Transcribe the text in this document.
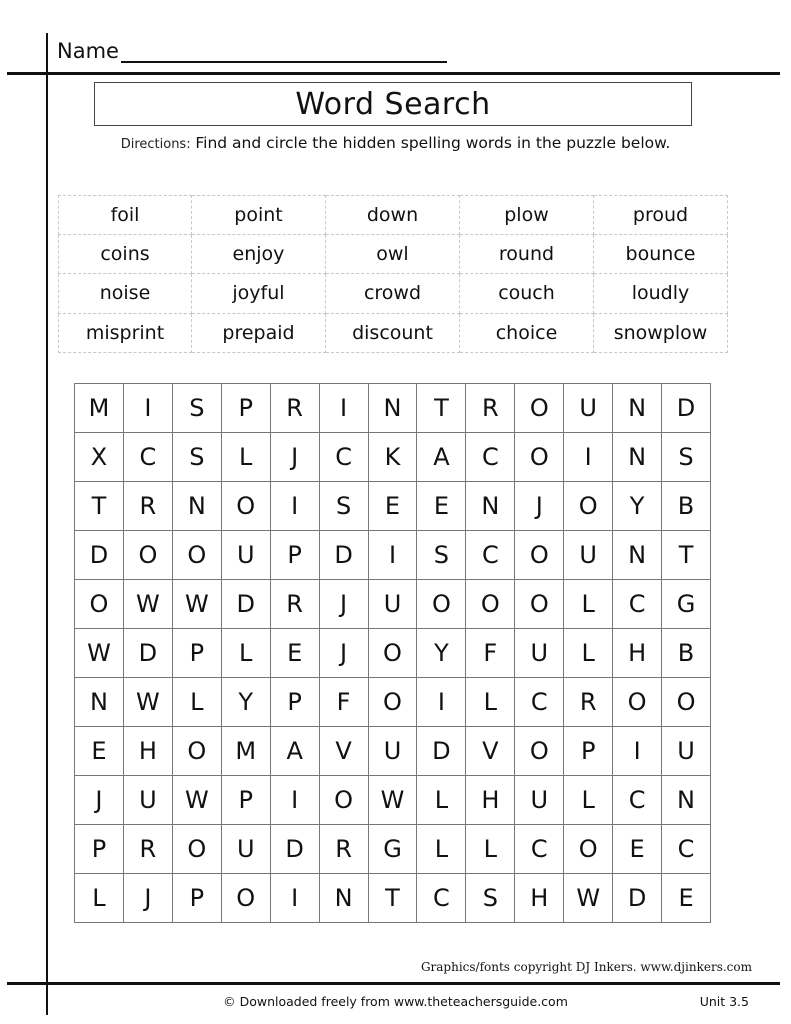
Name
Word Search
Directions: Find and circle the hidden spelling words in the puzzle below.
foil	point	down	plow	proud
coins	enjoy	owl	round	bounce
noise	joyful	crowd	couch	loudly
misprint	prepaid	discount	choice	snowplow
M	I	S	P	R	I	N	T	R	O	U	N	D
X	C	S	L	J	C	K	A	C	O	I	N	S
T	R	N	O	I	S	E	E	N	J	O	Y	B
D	O	O	U	P	D	I	S	C	O	U	N	T
O	W	W	D	R	J	U	O	O	O	L	C	G
W	D	P	L	E	J	O	Y	F	U	L	H	B
N	W	L	Y	P	F	O	I	L	C	R	O	O
E	H	O	M	A	V	U	D	V	O	P	I	U
J	U	W	P	I	O	W	L	H	U	L	C	N
P	R	O	U	D	R	G	L	L	C	O	E	C
L	J	P	O	I	N	T	C	S	H	W	D	E
Graphics/fonts copyright DJ Inkers. www.djinkers.com
© Downloaded freely from www.theteachersguide.com	Unit 3.5
